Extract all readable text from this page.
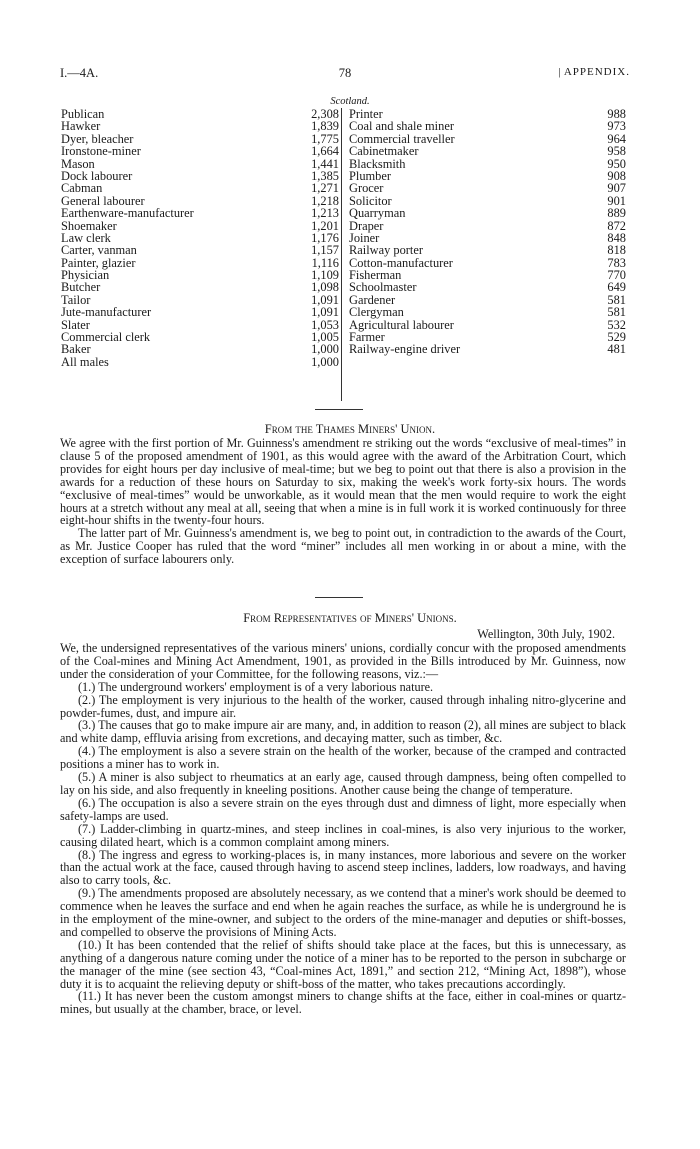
I.—4A.	78
|	APPENDIX.
Scotland.
Publican	2,308 Printer	988
Hawker	1,839 Coal and shale miner	973
Dyer, bleacher	1,775 Commercial traveller	964
Ironstone-miner	1,664 Cabinetmaker	958
Mason	1,441 Blacksmith	950
Dock labourer	1,385 Plumber	908
Cabman	1,271 Grocer	907
General labourer	1,218 Solicitor	901
Earthenware-manufacturer	1,213 Quarryman	889
Shoemaker	1,201 Draper	872
Law clerk	1,176 Joiner	848
Carter, vanman	1,157 Railway porter	818
Painter, glazier	1,116 Cotton-manufacturer	783
Physician	1,109 Fisherman	770
Butcher	1,098 Schoolmaster	649
Tailor	1,091 Gardener	581
Jute-manufacturer	1,091 Clergyman	581
Slater	1,053 Agricultural labourer	532
Commercial clerk	1,005 Farmer	529
Baker	1,000 Railway-engine driver	481
All males	1,000
From the Thames Miners' Union.

We agree with the first portion of Mr. Guinness's amendment re striking out the words “exclusive of meal-times” in clause 5 of the proposed amendment of 1901, as this would agree with the award of the Arbitration Court, which provides for eight hours per day inclusive of meal-time; but we beg to point out that there is also a provision in the awards for a reduction of these hours on Saturday to six, making the week's work forty-six hours. The words “exclusive of meal-times” would be unworkable, as it would mean that the men would require to work the eight hours at a stretch without any meal at all, seeing that when a mine is in full work it is worked continuously for three eight-hour shifts in the twenty-four hours.

The latter part of Mr. Guinness's amendment is, we beg to point out, in contradiction to the awards of the Court, as Mr. Justice Cooper has ruled that the word “miner” includes all men working in or about a mine, with the exception of surface labourers only.

From Representatives of Miners' Unions.
Wellington, 30th July, 1902.

We, the undersigned representatives of the various miners' unions, cordially concur with the proposed amendments of the Coal-mines and Mining Act Amendment, 1901, as provided in the Bills introduced by Mr. Guinness, now under the consideration of your Committee, for the following reasons, viz.:—

(1.) The underground workers' employment is of a very laborious nature.

(2.) The employment is very injurious to the health of the worker, caused through inhaling nitro-glycerine and powder-fumes, dust, and impure air.

(3.) The causes that go to make impure air are many, and, in addition to reason (2), all mines are subject to black and white damp, effluvia arising from excretions, and decaying matter, such as timber, &c.

(4.) The employment is also a severe strain on the health of the worker, because of the cramped and contracted positions a miner has to work in.

(5.) A miner is also subject to rheumatics at an early age, caused through dampness, being often compelled to lay on his side, and also frequently in kneeling positions. Another cause being the change of temperature.

(6.) The occupation is also a severe strain on the eyes through dust and dimness of light, more especially when safety-lamps are used.

(7.) Ladder-climbing in quartz-mines, and steep inclines in coal-mines, is also very injurious to the worker, causing dilated heart, which is a common complaint among miners.

(8.) The ingress and egress to working-places is, in many instances, more laborious and severe on the worker than the actual work at the face, caused through having to ascend steep inclines, ladders, low roadways, and having also to carry tools, &c.

(9.) The amendments proposed are absolutely necessary, as we contend that a miner's work should be deemed to commence when he leaves the surface and end when he again reaches the surface, as while he is underground he is in the employment of the mine-owner, and subject to the orders of the mine-manager and deputies or shift-bosses, and compelled to observe the provisions of Mining Acts.

(10.) It has been contended that the relief of shifts should take place at the faces, but this is unnecessary, as anything of a dangerous nature coming under the notice of a miner has to be reported to the person in subcharge or the manager of the mine (see section 43, “Coal-mines Act, 1891,” and section 212, “Mining Act, 1898”), whose duty it is to acquaint the relieving deputy or shift-boss of the matter, who takes precautions accordingly.

(11.) It has never been the custom amongst miners to change shifts at the face, either in coal-mines or quartz-mines, but usually at the chamber, brace, or level.
